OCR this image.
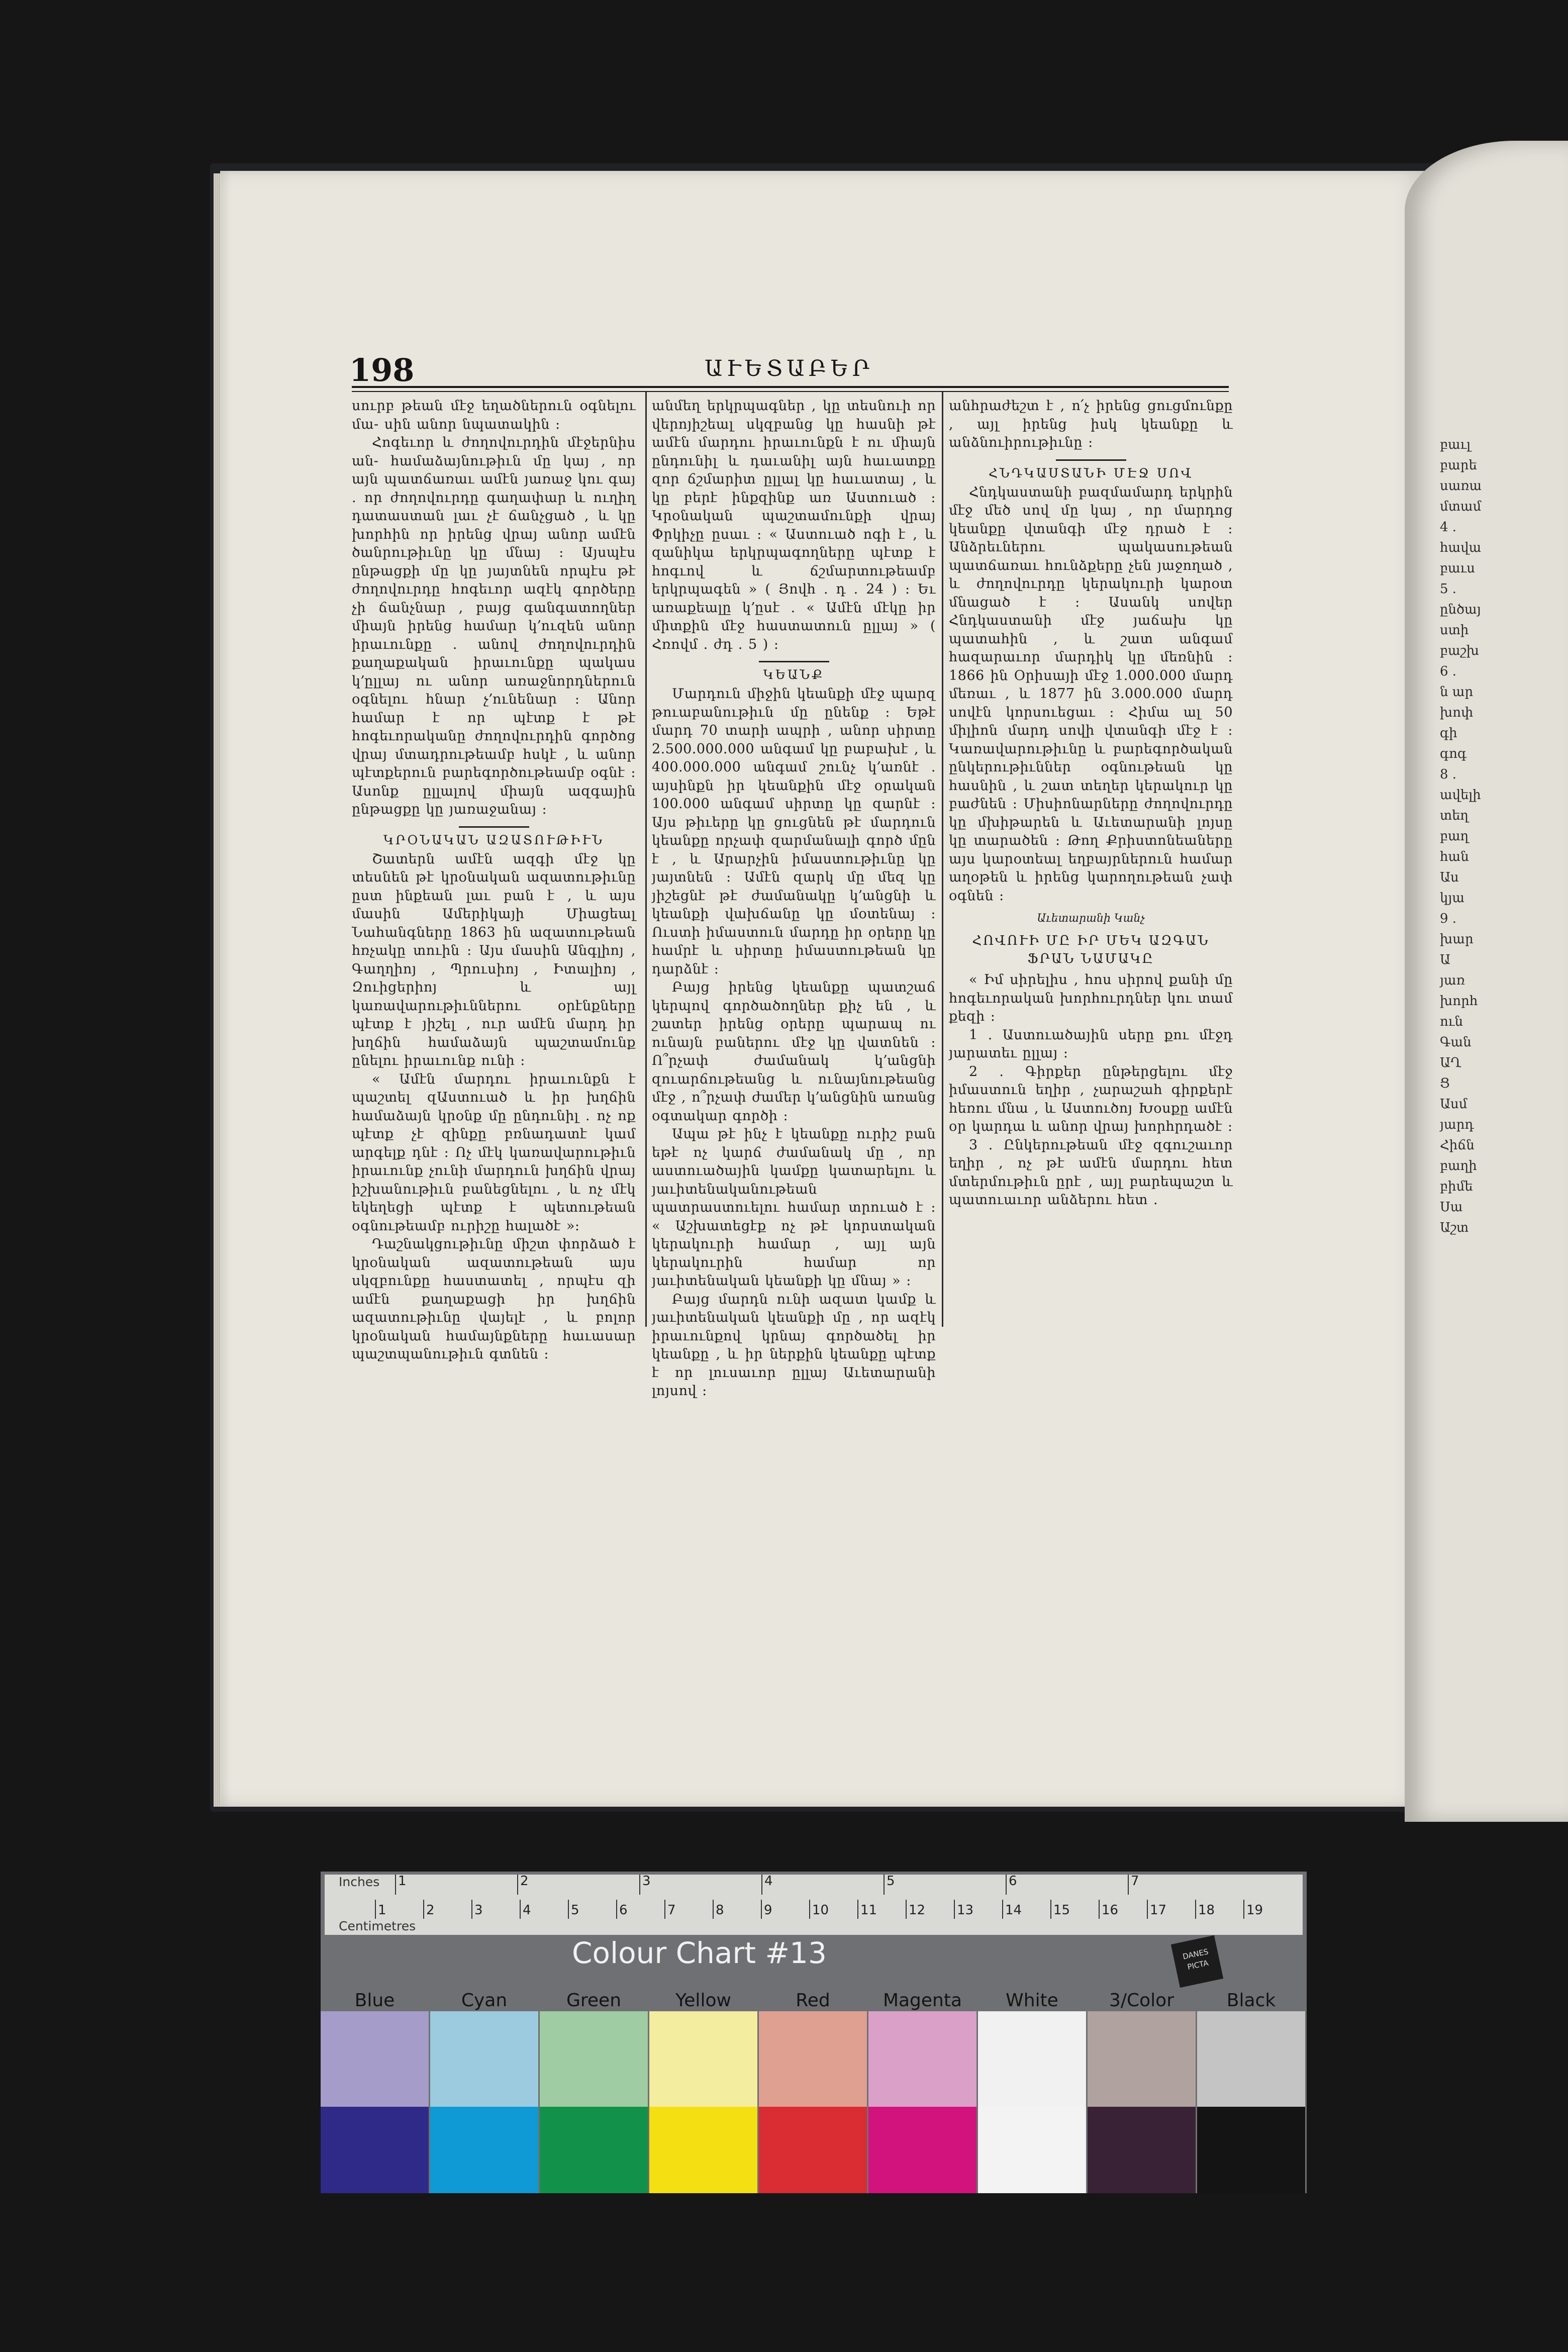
բաւլ
բարե
սառա
մտամ
4 .
հավա
բաւս
5 .
ընծայ
ստի
բաշխ
6 .
ն ար
խոփ
գի
գոգ
8 .
ավելի
տեղ
բաղ
հան
Աս
կյա
9 .
խար
Ա
յառ
խորհ
ուն
Գան
ԱՂ
Ց
Ասմ
յարդ
Հիճն
բաղի
բիմե
Սա
Աշտ
198	ԱՒԵՏԱԲԵՐ

սուրբ թեան մէջ եղածներուն օգնելու մա- սին անոր նպատակին :

Հոգեւոր և ժողովուրդին մէջերնիս ան- համաձայնութիւն մը կայ , որ այն պատճառաւ ամէն յառաջ կու գայ . որ ժողովուրդը գաղափար և ուղիղ դատաստան լաւ չէ ճանչցած , և կը խորհին որ իրենց վրայ անոր ամէն ծանրութիւնը կը մնայ : Այսպէս ընթացքի մը կը յայտնեն որպէս թէ ժողովուրդը հոգեւոր ազէկ գործերը չի ճանչնար , բայց գանգատողներ միայն իրենց համար կ՚ուզեն անոր իրաւունքը . անով ժողովուրդին քաղաքական իրաւունքը պակաս կ՚ըլլայ ու անոր առաջնորդներուն օգնելու հնար չ՚ունենար : Անոր համար է որ պէտք է թէ հոգեւորականը ժողովուրդին գործոց վրայ մտադրութեամբ հսկէ , և անոր պէտքերուն բարեգործութեամբ օգնէ : Ասոնք ըլլալով միայն ազգային ընթացքը կը յառաջանայ :

ԿՐՕՆԱԿԱՆ ԱԶԱՏՈՒԹԻՒՆ

Շատերն ամէն ազգի մէջ կը տեսնեն թէ կրօնական ազատութիւնը ըստ ինքեան լաւ բան է , և այս մասին Ամերիկայի Միացեալ Նահանգները 1863 ին ազատութեան հռչակը տուին : Այս մասին Անգլիոյ , Գաղղիոյ , Պրուսիոյ , Իտալիոյ , Զուիցերիոյ և այլ կառավարութիւններու օրէնքները պէտք է յիշել , ուր ամէն մարդ իր խղճին համաձայն պաշտամունք ընելու իրաւունք ունի :

« Ամէն մարդու իրաւունքն է պաշտել զԱստուած և իր խղճին համաձայն կրօնք մը ընդունիլ . ոչ ոք պէտք չէ զինքը բռնադատէ կամ արգելք դնէ : Ոչ մէկ կառավարութիւն իրաւունք չունի մարդուն խղճին վրայ իշխանութիւն բանեցնելու , և ոչ մէկ եկեղեցի պէտք է պետութեան օգնութեամբ ուրիշը հալածէ »:

Դաշնակցութիւնը միշտ փորձած է կրօնական ազատութեան այս սկզբունքը հաստատել , որպէս զի ամէն քաղաքացի իր խղճին ազատութիւնը վայելէ , և բոլոր կրօնական համայնքները հաւասար պաշտպանութիւն գտնեն :

անմեղ երկրպագներ , կը տեսնուի որ վերոյիշեալ սկզբանց կը հասնի թէ ամէն մարդու իրաւունքն է ու միայն ընդունիլ և դաւանիլ այն հաւատքը զոր ճշմարիտ ըլլալ կը հաւատայ , և կը բերէ ինքզինք առ Աստուած : Կրօնական պաշտամունքի վրայ Փրկիչը ըսաւ : « Աստուած ոգի է , և զանիկա երկրպագողները պէտք է հոգւով և ճշմարտութեամբ երկրպագեն » ( Յովհ . դ . 24 ) : Եւ առաքեալը կ՚ըսէ . « Ամէն մէկը իր միտքին մէջ հաստատուն ըլլայ » ( Հռովմ . ժդ . 5 ) :

ԿԵԱՆՔ

Մարդուն միջին կեանքի մէջ պարզ թուաբանութիւն մը ընենք : Եթէ մարդ 70 տարի ապրի , անոր սիրտը 2.500.000.000 անգամ կը բաբախէ , և 400.000.000 անգամ շունչ կ՚առնէ . այսինքն իր կեանքին մէջ օրական 100.000 անգամ սիրտը կը զարնէ : Այս թիւերը կը ցուցնեն թէ մարդուն կեանքը որչափ զարմանալի գործ մըն է , և Արարչին իմաստութիւնը կը յայտնեն : Ամէն զարկ մը մեզ կը յիշեցնէ թէ ժամանակը կ՚անցնի և կեանքի վախճանը կը մօտենայ : Ուստի իմաստուն մարդը իր օրերը կը համրէ և սիրտը իմաստութեան կը դարձնէ :

Բայց իրենց կեանքը պատշաճ կերպով գործածողներ քիչ են , և շատեր իրենց օրերը պարապ ու ունայն բաներու մէջ կը վատնեն : Ո՞րչափ ժամանակ կ՚անցնի զուարճութեանց և ունայնութեանց մէջ , ո՞րչափ ժամեր կ՚անցնին առանց օգտակար գործի :

Ապա թէ ինչ է կեանքը ուրիշ բան եթէ ոչ կարճ ժամանակ մը , որ աստուածային կամքը կատարելու և յաւիտենականութեան պատրաստուելու համար տրուած է : « Աշխատեցէք ոչ թէ կորստական կերակուրի համար , այլ այն կերակուրին համար որ յաւիտենական կեանքի կը մնայ » :

Բայց մարդն ունի ազատ կամք և յաւիտենական կեանքի մը , որ ազէկ իրաւունքով կրնայ գործածել իր կեանքը , և իր ներքին կեանքը պէտք է որ լուսաւոր ըլլայ Աւետարանի լոյսով :

անհրաժեշտ է , ո՛չ իրենց ցուցմունքը , այլ իրենց իսկ կեանքը և անձնուիրութիւնը :

ՀՆԴԿԱՍՏԱՆԻ ՄԷՋ ՍՈՎ

Հնդկաստանի բազմամարդ երկրին մէջ մեծ սով մը կայ , որ մարդոց կեանքը վտանգի մէջ դրած է : Անձրեւներու պակասութեան պատճառաւ հունձքերը չեն յաջողած , և ժողովուրդը կերակուրի կարօտ մնացած է : Ասանկ սովեր Հնդկաստանի մէջ յաճախ կը պատահին , և շատ անգամ հազարաւոր մարդիկ կը մեռնին : 1866 ին Օրիսայի մէջ 1.000.000 մարդ մեռաւ , և 1877 ին 3.000.000 մարդ սովէն կորսուեցաւ : Հիմա ալ 50 միլիոն մարդ սովի վտանգի մէջ է : Կառավարութիւնը և բարեգործական ընկերութիւններ օգնութեան կը հասնին , և շատ տեղեր կերակուր կը բաժնեն : Միսիոնարները ժողովուրդը կը մխիթարեն և Աւետարանի լոյսը կը տարածեն : Թող Քրիստոնեաները այս կարօտեալ եղբայրներուն համար աղօթեն և իրենց կարողութեան չափ օգնեն :

Աւետարանի Կանչ
ՀՈՎՈՒԻ ՄԸ ԻՐ ՄԵԿ ԱԶԳԱՆ ՖՐԱՆ ՆԱՄԱԿԸ

« Իմ սիրելիս , հոս սիրով քանի մը հոգեւորական խորհուրդներ կու տամ քեզի :

1 . Աստուածային սերը քու մէջդ յարատեւ ըլլայ :

2 . Գիրքեր ընթերցելու մէջ իմաստուն եղիր , չարաշահ գիրքերէ հեռու մնա , և Աստուծոյ Խօսքը ամէն օր կարդա և անոր վրայ խորհրդածէ :

3 . Ընկերութեան մէջ զգուշաւոր եղիր , ոչ թէ ամէն մարդու հետ մտերմութիւն ըրէ , այլ բարեպաշտ և պատուաւոր անձերու հետ .

Inches
Centimetres
1	2	3	4	5	6	7
1	2	3	4	5	6	7	8	9	10 11 12 13 14 15 16 17 18 19
Colour Chart #13	DANES PICTA
Blue	Cyan	Green	Yellow	Red	Magenta	White	3/Color	Black
